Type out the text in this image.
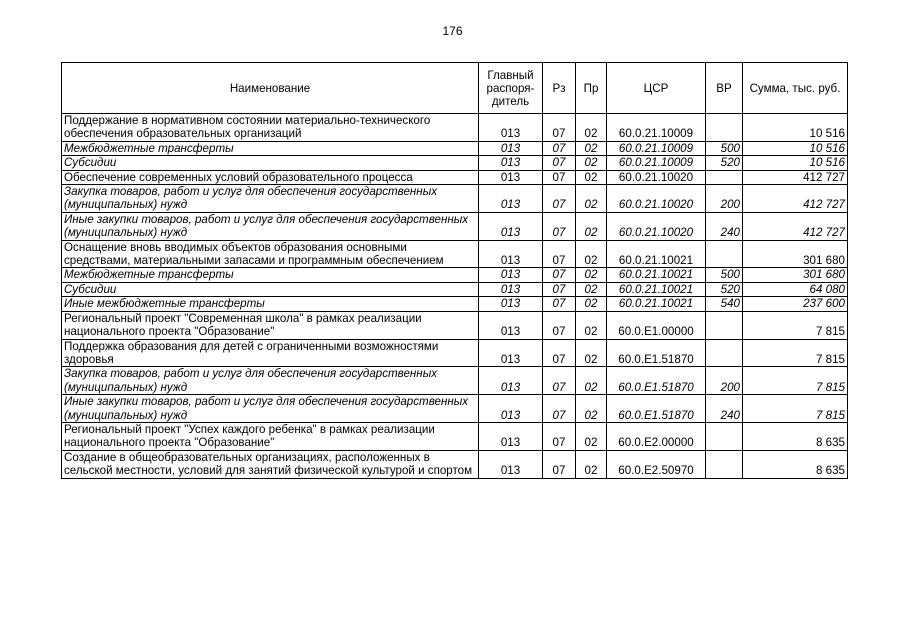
176
Наименование	Главный распоря-дитель	Рз	Пр	ЦСР	ВР	Сумма, тыс. руб.
Поддержание в нормативном состоянии материально-технического обеспечения образовательных организаций	013	07	02	60.0.21.10009		10 516
Межбюджетные трансферты	013	07	02	60.0.21.10009	500	10 516
Субсидии	013	07	02	60.0.21.10009	520	10 516
Обеспечение современных условий образовательного процесса	013	07	02	60.0.21.10020		412 727
Закупка товаров, работ и услуг для обеспечения государственных (муниципальных) нужд	013	07	02	60.0.21.10020	200	412 727
Иные закупки товаров, работ и услуг для обеспечения государственных (муниципальных) нужд	013	07	02	60.0.21.10020	240	412 727
Оснащение вновь вводимых объектов образования основными средствами, материальными запасами и программным обеспечением	013	07	02	60.0.21.10021		301 680
Межбюджетные трансферты	013	07	02	60.0.21.10021	500	301 680
Субсидии	013	07	02	60.0.21.10021	520	64 080
Иные межбюджетные трансферты	013	07	02	60.0.21.10021	540	237 600
Региональный проект "Современная школа" в рамках реализации национального проекта "Образование"	013	07	02	60.0.E1.00000		7 815
Поддержка образования для детей с ограниченными возможностями здоровья	013	07	02	60.0.E1.51870		7 815
Закупка товаров, работ и услуг для обеспечения государственных (муниципальных) нужд	013	07	02	60.0.E1.51870	200	7 815
Иные закупки товаров, работ и услуг для обеспечения государственных (муниципальных) нужд	013	07	02	60.0.E1.51870	240	7 815
Региональный проект "Успех каждого ребенка" в рамках реализации национального проекта "Образование"	013	07	02	60.0.E2.00000		8 635
Создание в общеобразовательных организациях, расположенных в сельской местности, условий для занятий физической культурой и спортом	013	07	02	60.0.E2.50970		8 635
